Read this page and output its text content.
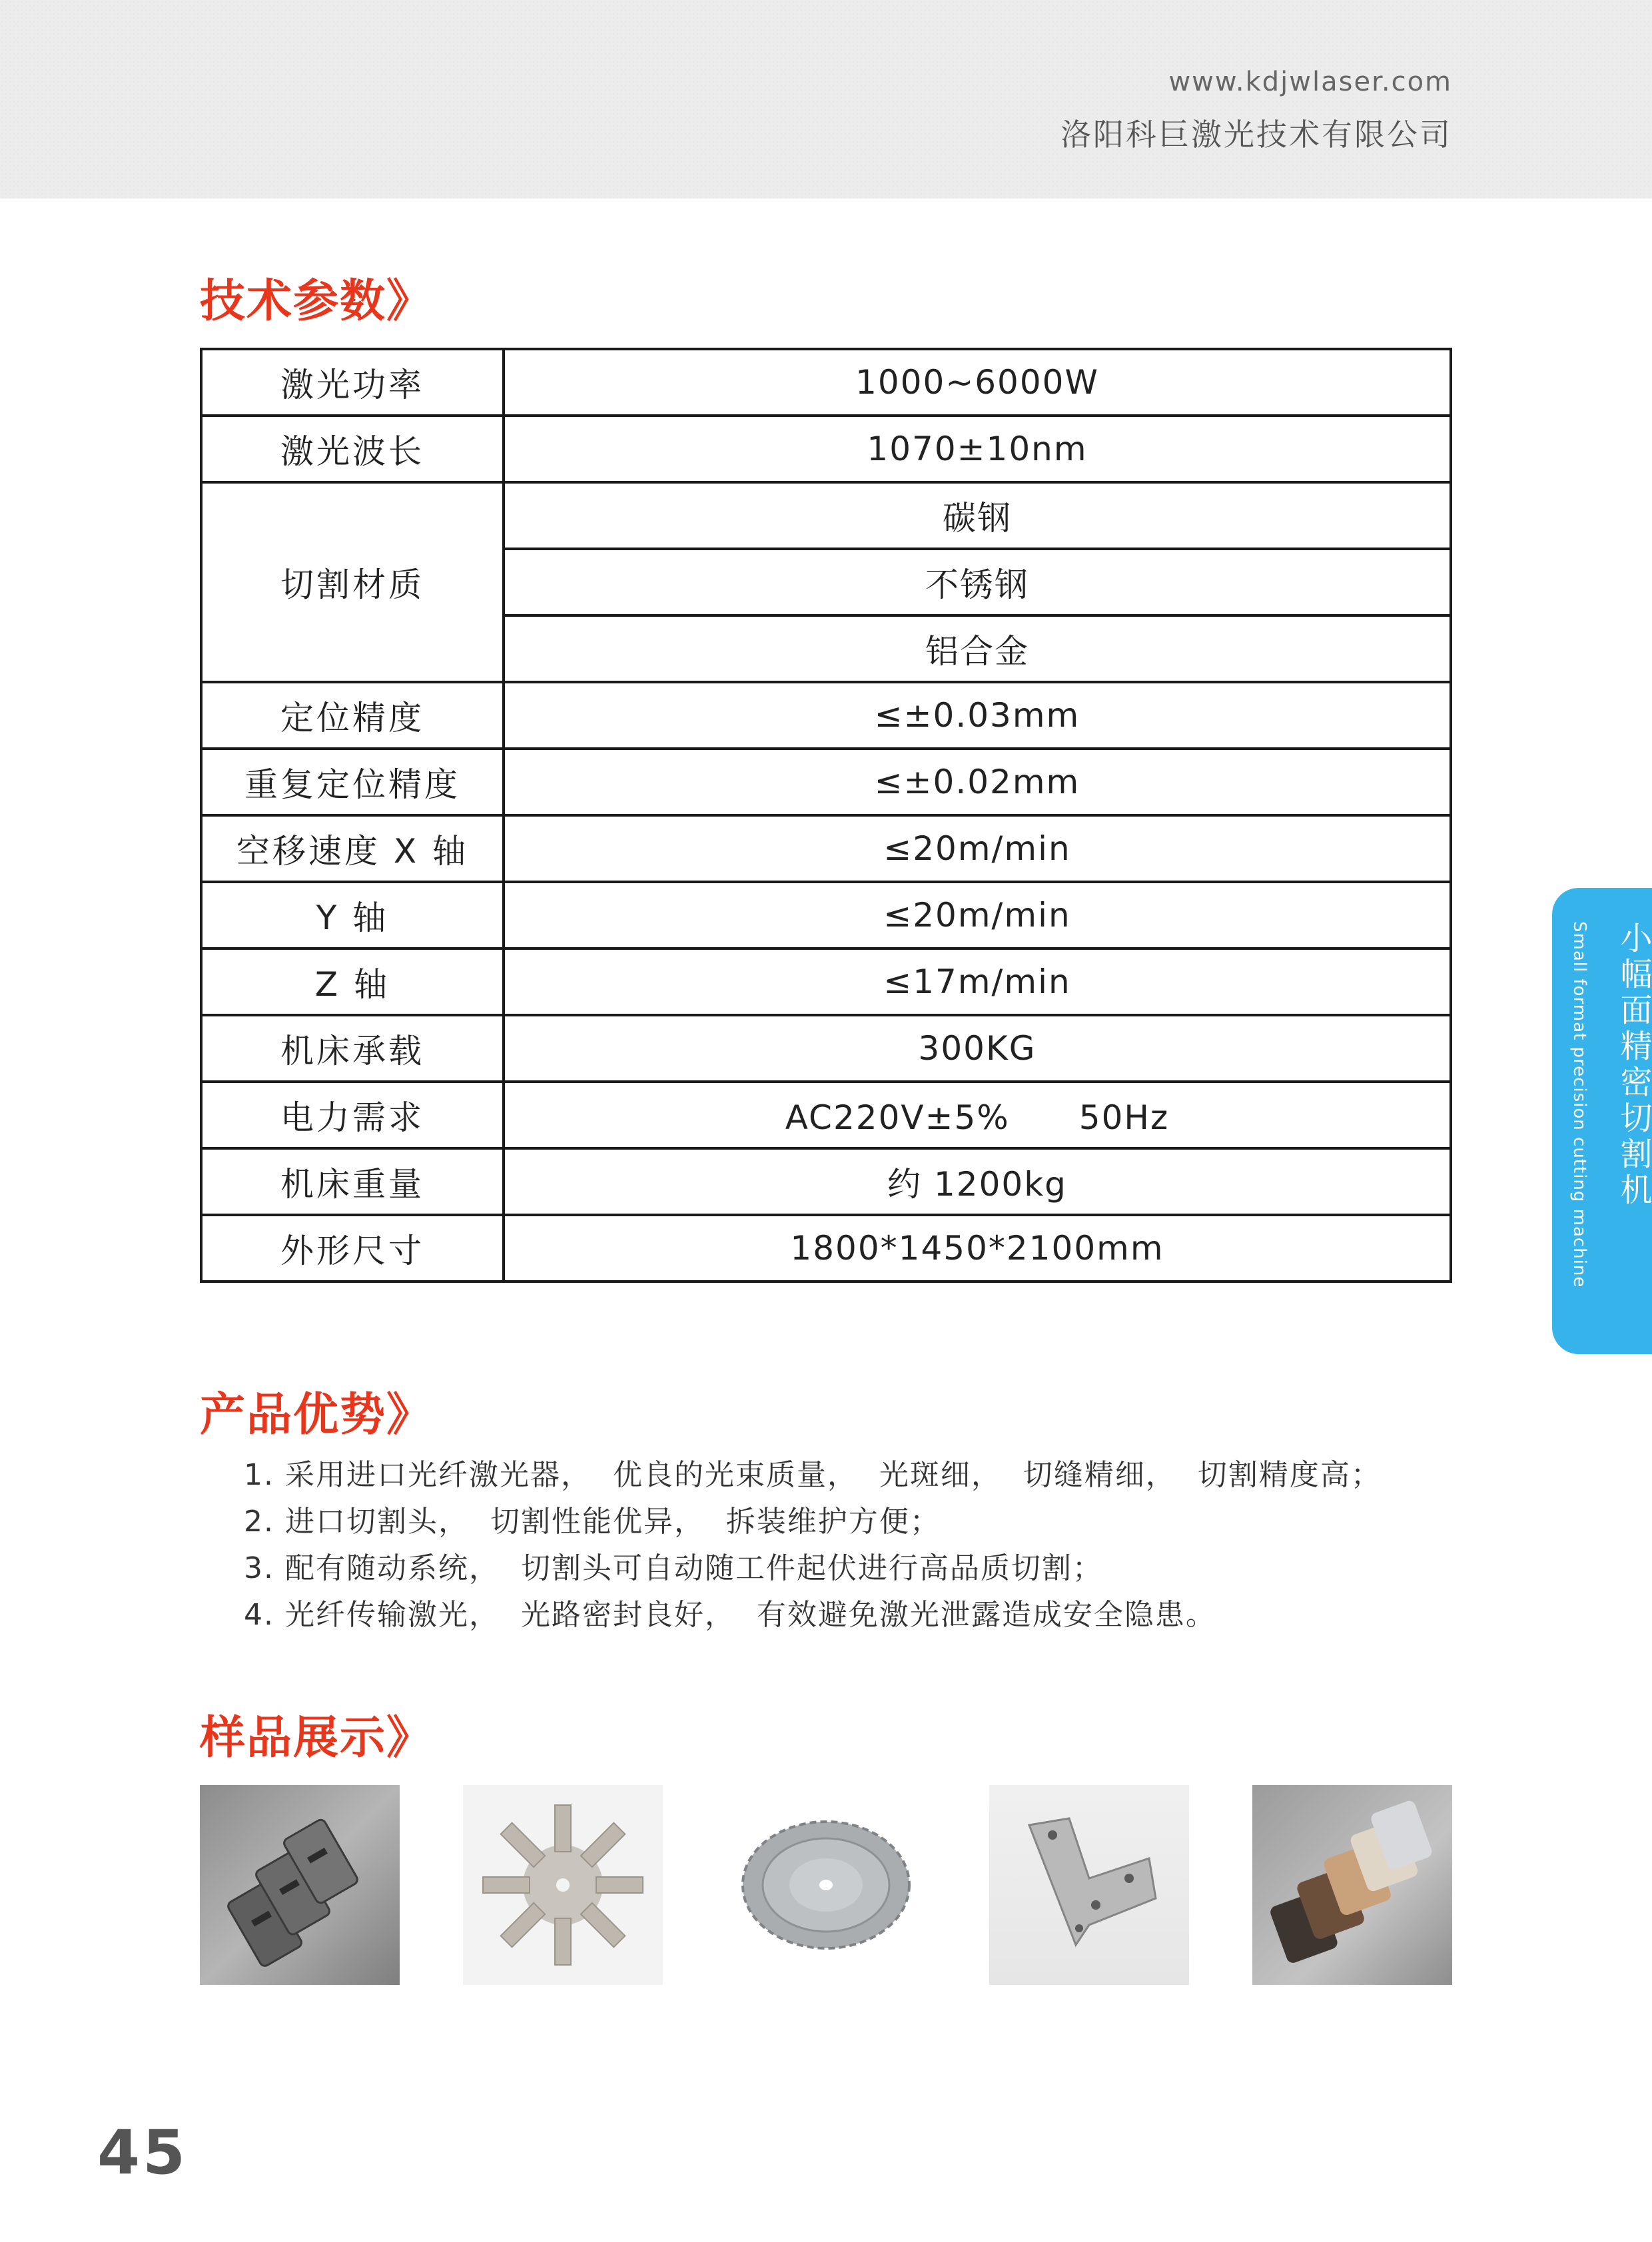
www.kdjwlaser.com
洛阳科巨激光技术有限公司
技术参数》
激光功率	1000~6000W
激光波长	1070±10nm
切割材质	碳钢
	不锈钢
	铝合金
定位精度	≤±0.03mm
重复定位精度	≤±0.02mm
空移速度 X 轴	≤20m/min
Y 轴	≤20m/min
Z 轴	≤17m/min
机床承载	300KG
电力需求	AC220V±5%　　50Hz
机床重量	约 1200kg
外形尺寸	1800*1450*2100mm
产品优势》
1. 采用进口光纤激光器，  优良的光束质量，  光斑细，  切缝精细，  切割精度高；
2. 进口切割头，  切割性能优异，  拆装维护方便；
3. 配有随动系统，  切割头可自动随工件起伏进行高品质切割；
4. 光纤传输激光，  光路密封良好，  有效避免激光泄露造成安全隐患。
样品展示》
小幅面精密切割机
Small format precision cutting machine
45
